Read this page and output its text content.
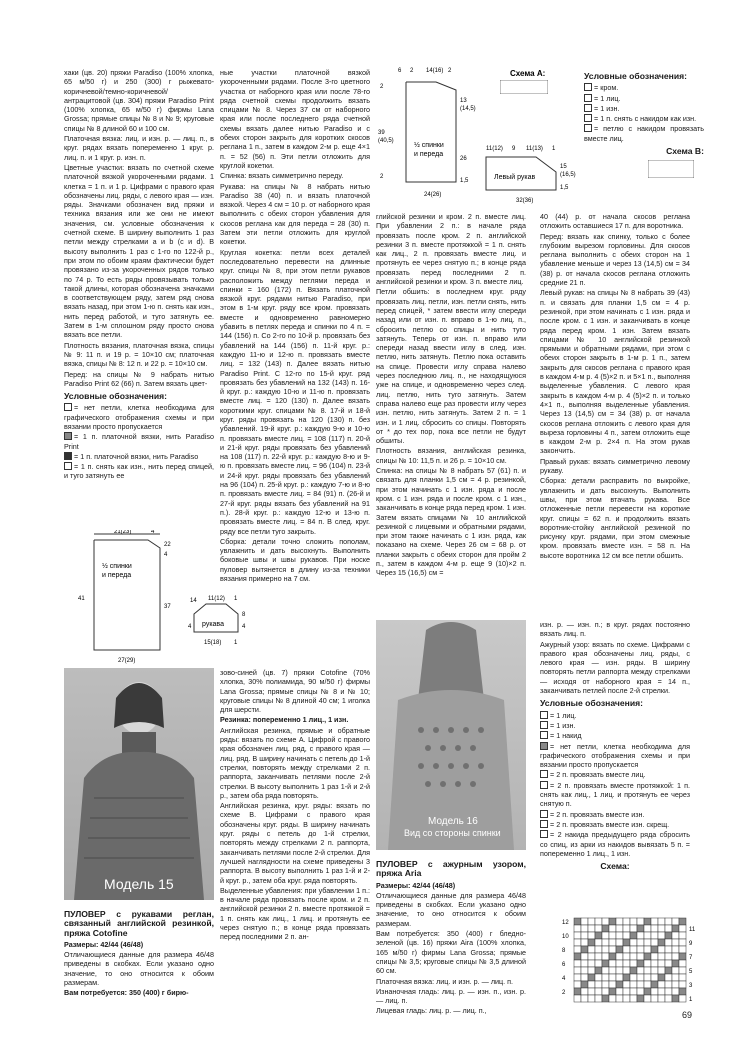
хаки (цв. 20) пряжи Paradiso (100% хлопка, 65 м/50 г) и 250 (300) г рыжевато-коричневой/темно-коричневой/антрацитовой (цв. 304) пряжи Paradiso Print (100% хлопка, 65 м/50 г) фирмы Lana Grossa; прямые спицы № 8 и № 9; круговые спицы № 8 длиной 60 и 100 см.

Платочная вязка: лиц. и изн. р. — лиц. п., в круг. рядах вязать попеременно 1 круг. р. лиц. п. и 1 круг. р. изн. п.

Цветные участки: вязать по счетной схеме платочной вязкой укороченными рядами. 1 клетка = 1 п. и 1 р. Цифрами с правого края обозначены лиц. ряды, с левого края — изн. ряды. Значками обозначен вид пряжи и техника вязания или же они не имеют значения, см. условные обозначения к счетной схеме. В ширину выполнить 1 раз петли между стрелками а и b (с и d). В высоту выполнить 1 раз с 1-го по 122-й р., при этом по обоим краям фактически будет провязано из-за укороченных рядов только по 74 р. То есть ряды провязывать только такой длины, которая обозначена значками в соответствующем ряду, затем ряд снова вязать назад, при этом 1-ю п. снять как изн., нить перед работой, и туго затянуть ее. Затем в 1-м сплошном ряду просто снова вязать все петли.

Плотность вязания, платочная вязка, спицы № 9: 11 п. и 19 р. = 10×10 см; платочная вязка, спицы № 8: 12 п. и 22 р. = 10×10 см.

Перед: на спицы № 9 набрать нитью Paradiso Print 62 (66) п. Затем вязать цвет-

Условные обозначения:

= нет петли, клетка необходима для графического отображения схемы и при вязании просто пропускается

= 1 п. платочной вязки, нить Paradiso Print

= 1 п. платочной вязки, нить Paradiso

= 1 п. снять как изн., нить перед спицей, и туго затянуть ее

ные участки платочной вязкой укороченными рядами. После 3-го цветного участка от наборного края или после 78-го ряда счетной схемы продолжить вязать спицами № 8. Через 37 см от наборного края или после последнего ряда счетной схемы вязать далее нитью Paradiso и с обеих сторон закрыть для коротких скосов реглана 1 п., затем в каждом 2-м р. еще 4×1 п. = 52 (56) п. Эти петли отложить для круглой кокетки.

Спинка: вязать симметрично переду.

Рукава: на спицы № 8 набрать нитью Paradiso 38 (40) п. и вязать платочной вязкой. Через 4 см = 10 р. от наборного края выполнить с обеих сторон убавления для скосов реглана как для переда = 28 (30) п. Затем эти петли отложить для круглой кокетки.

Круглая кокетка: петли всех деталей последовательно перевести на длинные круг. спицы № 8, при этом петли рукавов расположить между петлями переда и спинки = 160 (172) п. Вязать платочной вязкой круг. рядами нитью Paradiso, при этом в 1-м круг. ряду все кром. провязать вместе и одновременно равномерно убавить в петлях переда и спинки по 4 п. = 144 (156) п. Со 2-го по 10-й р. провязать без убавлений на 144 (156) п. 11-й круг. р.: каждую 11-ю и 12-ю п. провязать вместе лиц. = 132 (143) п. Далее вязать нитью Paradiso Print. С 12-го по 15-й круг. ряд провязать без убавлений на 132 (143) п. 16-й круг. р.: каждую 10-ю и 11-ю п. провязать вместе лиц. = 120 (130) п. Далее вязать короткими круг. спицами № 8. 17-й и 18-й круг. ряды провязать на 120 (130) п. без убавлений. 19-й круг. р.: каждую 9-ю и 10-ю п. провязать вместе лиц. = 108 (117) п. 20-й и 21-й круг. ряды провязать без убавлений на 108 (117) п. 22-й круг. р.: каждую 8-ю и 9-ю п. провязать вместе лиц. = 96 (104) п. 23-й и 24-й круг. ряды провязать без убавлений на 96 (104) п. 25-й круг. р.: каждую 7-ю и 8-ю п. провязать вместе лиц. = 84 (91) п. (26-й и 27-й круг. ряды вязать без убавлений на 91 п.). 28-й круг. р.: каждую 12-ю и 13-ю п. провязать вместе лиц. = 84 п. В след. круг. ряду все петли туго закрыть.

Сборка: детали точно сложить пополам, увлажнить и дать высохнуть. Выполнить боковые швы и швы рукавов. При носке пуловер вытянется в длину из-за техники вязания примерно на 7 см.

21(23)	4
22
½ спинки
и переда
41
37
4
27(29)
14 11(12) 1
рукава
8
4
4
15(18) 1
6 2 14(16) 2
2
Схема А:
½ спинки
и переда
39
(40,5)
13
(14,5)
26
2
1,5
24(26)
Левый рукав
11(12) 9 11(13) 1
15
(16,5)
1,5
32(36)
Условные обозначения:

= кром.

= 1 лиц.

= 1 изн.

= 1 п. снять с накидом как изн.

= петлю с накидом провязать вместе лиц.

Схема В:

глийской резинки и кром. 2 п. вместе лиц. При убавлении 2 п.: в начале ряда провязать после кром. 2 п. английской резинки 3 п. вместе протяжкой = 1 п. снять как лиц., 2 п. провязать вместе лиц. и протянуть ее через снятую п.; в конце ряда провязать перед последними 2 п. английской резинки и кром. 3 п. вместе лиц.

Петли обшить: в последнем круг. ряду провязать лиц. петли, изн. петли снять, нить перед спицей, * затем ввести иглу спереди назад или от изн. п. вправо в 1-ю лиц. п., сбросить петлю со спицы и нить туго затянуть. Теперь от изн. п. вправо или спереди назад ввести иглу в след. изн. петлю, нить затянуть. Петлю пока оставить на спице. Провести иглу справа налево через последнюю лиц. п., не находящуюся уже на спице, и одновременно через след. лиц. петлю, нить туго затянуть. Затем справа налево еще раз провести иглу через изн. петлю, нить затянуть. Затем 2 п. = 1 изн. и 1 лиц. сбросить со спицы. Повторять от * до тех пор, пока все петли не будут обшиты.

Плотность вязания, английская резинка, спицы № 10: 11,5 п. и 26 р. = 10×10 см.

Спинка: на спицы № 8 набрать 57 (61) п. и связать для планки 1,5 см = 4 р. резинкой, при этом начинать с 1 изн. ряда и после кром. с 1 изн. ряда и после кром. с 1 изн., заканчивать в конце ряда перед кром. 1 изн. Затем вязать спицами № 10 английской резинкой с лицевыми и обратными рядами, при этом также начинать с 1 изн. ряда, как показано на схеме. Через 26 см = 68 р. от планки закрыть с обеих сторон для пройм 2 п., затем в каждом 4-м р. еще 9 (10)×2 п. Через 15 (16,5) см =

40 (44) р. от начала скосов реглана отложить оставшиеся 17 п. для воротника.

Перед: вязать как спинку, только с более глубоким вырезом горловины. Для скосов реглана выполнить с обеих сторон на 1 убавление меньше и через 13 (14,5) см = 34 (38) р. от начала скосов реглана отложить средние 21 п.

Левый рукав: на спицы № 8 набрать 39 (43) п. и связать для планки 1,5 см = 4 р. резинкой, при этом начинать с 1 изн. ряда и после кром. с 1 изн. и заканчивать в конце ряда перед кром. 1 изн. Затем вязать спицами № 10 английской резинкой прямыми и обратными рядами, при этом с обеих сторон закрыть в 1-м р. 1 п., затем закрыть для скосов реглана с правого края в каждом 4-м р. 4 (5)×2 п. и 5×1 п., выполняя выделенные убавления. С левого края закрыть в каждом 4-м р. 4 (5)×2 п. и только 4×1 п., выполняя выделенные убавления. Через 13 (14,5) см = 34 (38) р. от начала скосов реглана отложить с левого края для выреза горловины 4 п., затем отложить еще в каждом 2-м р. 2×4 п. На этом рукав закончить.

Правый рукав: вязать симметрично левому рукаву.

Сборка: детали расправить по выкройке, увлажнить и дать высохнуть. Выполнить швы, при этом втачать рукава. Все отложенные петли перевести на короткие круг. спицы = 62 п. и продолжить вязать воротник-стойку английской резинкой по рисунку круг. рядами, при этом смежные кром. провязать вместе изн. = 58 п. На высоте воротника 12 см все петли обшить.

Модель 15
ПУЛОВЕР с рукавами реглан, связанный английской резинкой, пряжа Cotofine

Размеры: 42/44 (46/48)

Отличающиеся данные для размера 46/48 приведены в скобках. Если указано одно значение, то оно относится к обоим размерам.

Вам потребуется: 350 (400) г бирю-

зово-синей (цв. 7) пряжи Cotofine (70% хлопка, 30% полиамида, 90 м/50 г) фирмы Lana Grossa; прямые спицы № 8 и № 10; круговые спицы № 8 длиной 40 см; 1 иголка для шерсти.

Резинка: попеременно 1 лиц., 1 изн.

Английская резинка, прямые и обратные ряды: вязать по схеме А. Цифрой с правого края обозначен лиц. ряд, с правого края — лиц. ряд. В ширину начинать с петель до 1-й стрелки, повторять между стрелками 2 п. раппорта, заканчивать петлями после 2-й стрелки. В высоту выполнить 1 раз 1-й и 2-й р., затем оба ряда повторять.

Английская резинка, круг. ряды: вязать по схеме В. Цифрами с правого края обозначены круг. ряды. В ширину начинать круг. ряды с петель до 1-й стрелки, повторять между стрелками 2 п. раппорта, заканчивать петлями после 2-й стрелки. Для лучшей наглядности на схеме приведены 3 раппорта. В высоту выполнить 1 раз 1-й и 2-й круг. р., затем оба круг. ряда повторять.

Выделенные убавления: при убавлении 1 п.: в начале ряда провязать после кром. и 2 п. английской резинки 2 п. вместе протяжкой = 1 п. снять как лиц., 1 лиц. и протянуть ее через снятую п.; в конце ряда провязать перед последними 2 п. ан-

Модель 16
Вид со стороны спинки
ПУЛОВЕР с ажурным узором, пряжа Aria

Размеры: 42/44 (46/48)

Отличающиеся данные для размера 46/48 приведены в скобках. Если указано одно значение, то оно относится к обоим размерам.

Вам потребуется: 350 (400) г бледно-зеленой (цв. 16) пряжи Aira (100% хлопка, 165 м/50 г) фирмы Lana Grossa; прямые спицы № 3,5; круговые спицы № 3,5 длиной 60 см.

Платочная вязка: лиц. и изн. р. — лиц. п.

Изнаночная гладь: лиц. р. — изн. п., изн. р. — лиц. п.

Лицевая гладь: лиц. р. — лиц. п.,

изн. р. — изн. п.; в круг. рядах постоянно вязать лиц. п.

Ажурный узор: вязать по схеме. Цифрами с правого края обозначены лиц. ряды, с левого края — изн. ряды. В ширину повторять петли раппорта между стрелками — исходя от наборного края = 14 п., заканчивать петлей после 2-й стрелки.

Условные обозначения:

= 1 лиц.

= 1 изн.

= 1 накид

= нет петли, клетка необходима для графического отображения схемы и при вязании просто пропускается

= 2 п. провязать вместе лиц.

= 2 п. провязать вместе протяжкой: 1 п. снять как лиц., 1 лиц. и протянуть ее через снятую п.

= 2 п. провязать вместе изн.

= 2 п. провязать вместе изн. скрещ.

= 2 накида предыдущего ряда сбросить со спиц, из арки из накидов вывязать 5 п. = попеременно 1 лиц., 1 изн.

Схема:
12
10
8
6
4
2
11
9
7
5
3
1
69
